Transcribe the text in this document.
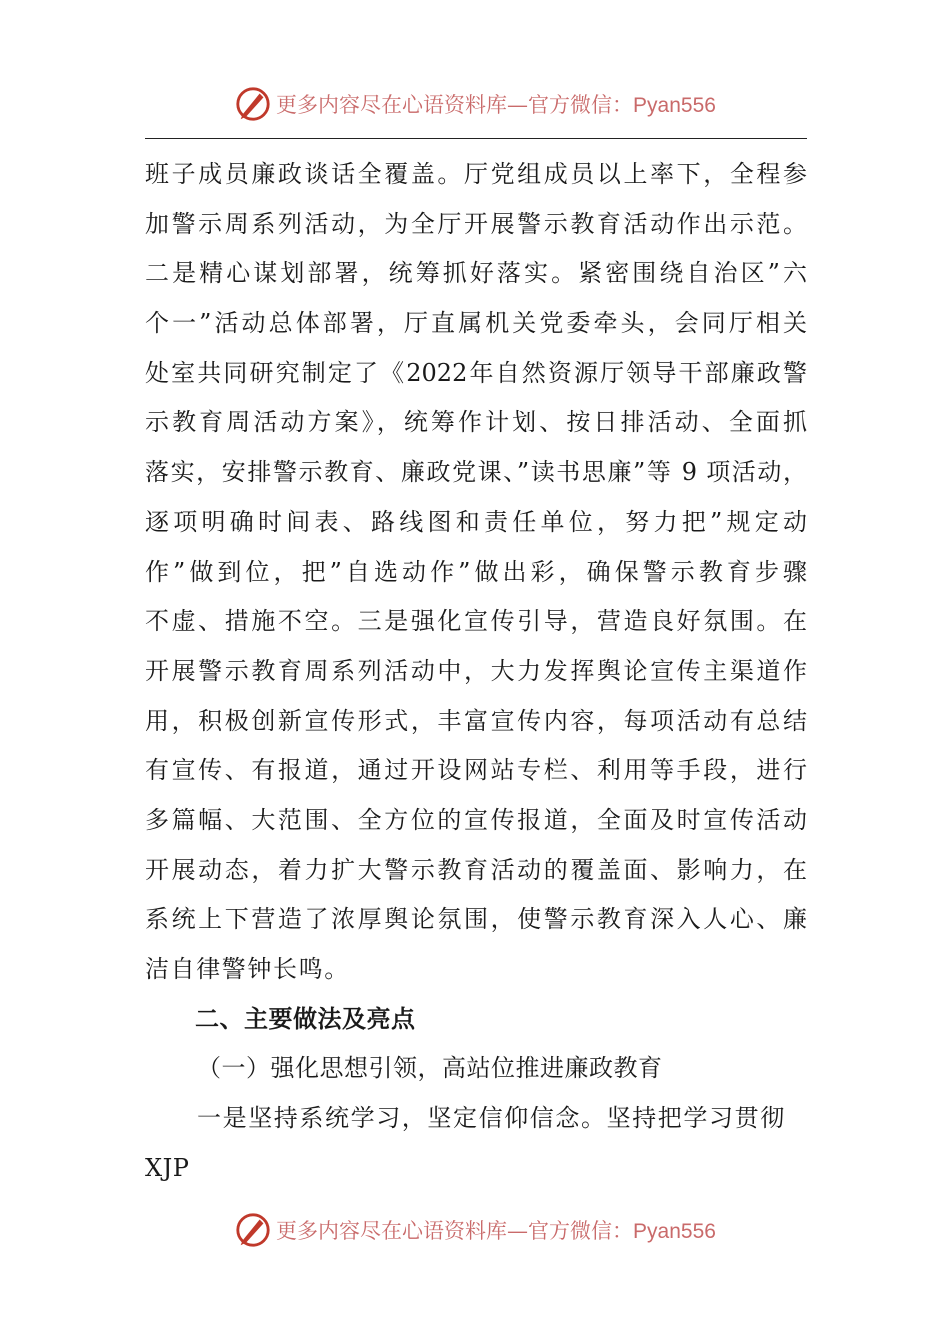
更多内容尽在心语资料库—官方微信： Pyan556
班子成员廉政谈话全覆盖。厅党组成员以上率下，全程参
加警示周系列活动，为全厅开展警示教育活动作出示范。
二是精心谋划部署，统筹抓好落实。紧密围绕自治区”六
个一”活动总体部署，厅直属机关党委牵头，会同厅相关
处室共同研究制定了《2022年自然资源厅领导干部廉政警
示教育周活动方案》，统筹作计划、按日排活动、全面抓
落实，安排警示教育、廉政党课、”读书思廉”等 9 项活动，
逐项明确时间表、路线图和责任单位，努力把”规定动
作”做到位，把”自选动作”做出彩，确保警示教育步骤
不虚、措施不空。三是强化宣传引导，营造良好氛围。在
开展警示教育周系列活动中，大力发挥舆论宣传主渠道作
用，积极创新宣传形式，丰富宣传内容，每项活动有总结
有宣传、有报道，通过开设网站专栏、利用等手段，进行
多篇幅、大范围、全方位的宣传报道，全面及时宣传活动
开展动态，着力扩大警示教育活动的覆盖面、影响力，在
系统上下营造了浓厚舆论氛围，使警示教育深入人心、廉
洁自律警钟长鸣。
二、主要做法及亮点
（一）强化思想引领，高站位推进廉政教育
一是坚持系统学习，坚定信仰信念。坚持把学习贯彻
XJP
更多内容尽在心语资料库—官方微信： Pyan556
